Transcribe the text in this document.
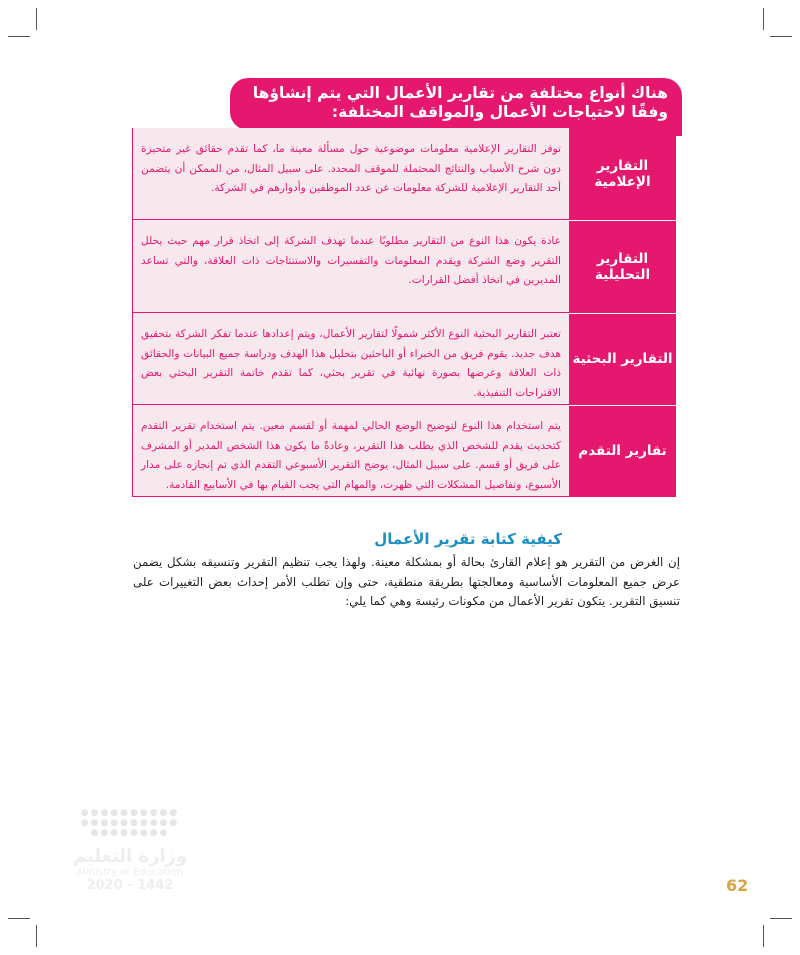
هناك أنواع مختلفة من تقارير الأعمال التي يتم إنشاؤها وفقًا لاحتياجات الأعمال والمواقف المختلفة:
التقارير الإعلامية
توفر التقارير الإعلامية معلومات موضوعية حول مسألة معينة ما، كما تقدم حقائق غير متحيزة دون شرح الأسباب والنتائج المحتملة للموقف المحدد. على سبيل المثال، من الممكن أن يتضمن أحد التقارير الإعلامية للشركة معلومات عن عدد الموظفين وأدوارهم في الشركة.
التقارير التحليلية
عادة يكون هذا النوع من التقارير مطلوبًا عندما تهدف الشركة إلى اتخاذ قرار مهم حيث يحلل التقرير وضع الشركة ويقدم المعلومات والتفسيرات والاستنتاجات ذات العلاقة، والتي تساعد المديرين في اتخاذ أفضل القرارات.
التقارير البحثية
تعتبر التقارير البحثية النوع الأكثر شمولًا لتقارير الأعمال، ويتم إعدادها عندما تفكر الشركة بتحقيق هدف جديد. يقوم فريق من الخبراء أو الباحثين بتحليل هذا الهدف ودراسة جميع البيانات والحقائق ذات العلاقة وعرضها بصورة نهائية في تقرير بحثي، كما تقدم خاتمة التقرير البحثي بعض الاقتراحات التنفيذية.
تقارير التقدم
يتم استخدام هذا النوع لتوضيح الوضع الحالي لمهمة أو لقسم معين. يتم استخدام تقرير التقدم كتحديث يقدم للشخص الذي يطلب هذا التقرير، وعادةً ما يكون هذا الشخص المدير أو المشرف على فريق أو قسم. على سبيل المثال، يوضح التقرير الأسبوعي التقدم الذي تم إنجازه على مدار الأسبوع، وتفاصيل المشكلات التي ظهرت، والمهام التي يجب القيام بها في الأسابيع القادمة.
كيفية كتابة تقرير الأعمال
إن الغرض من التقرير هو إعلام القارئ بحالة أو بمشكلة معينة. ولهذا يجب تنظيم التقرير وتنسيقه بشكل يضمن عرض جميع المعلومات الأساسية ومعالجتها بطريقة منطقية، حتى وإن تطلب الأمر إحداث بعض التغييرات على تنسيق التقرير. يتكون تقرير الأعمال من مكونات رئيسة وهي كما يلي:
●●●●●●●●●●
●●●●●●●●●●
●●●●●●●●
وزارة التعليم
Ministry of Education
2020 - 1442	62
